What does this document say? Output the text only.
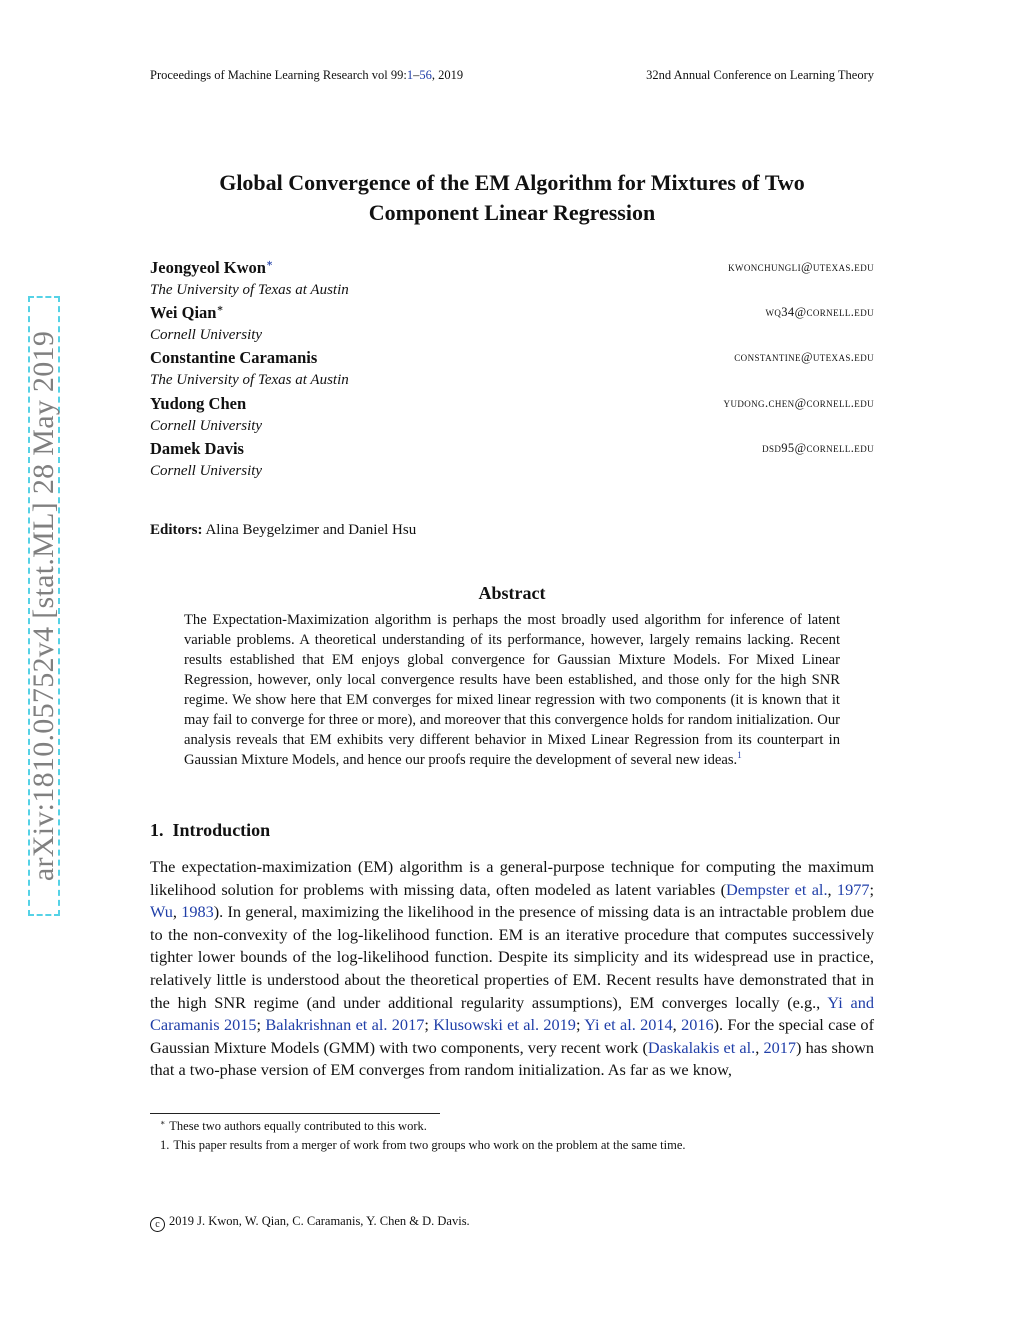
Proceedings of Machine Learning Research vol 99:1–56, 2019	32nd Annual Conference on Learning Theory
arXiv:1810.05752v4 [stat.ML] 28 May 2019
Global Convergence of the EM Algorithm for Mixtures of Two
Component Linear Regression
Jeongyeol Kwon∗	kwonchungli@utexas.edu
The University of Texas at Austin
Wei Qian∗	wq34@cornell.edu
Cornell University
Constantine Caramanis	constantine@utexas.edu
The University of Texas at Austin
Yudong Chen	yudong.chen@cornell.edu
Cornell University
Damek Davis	dsd95@cornell.edu
Cornell University
Editors: Alina Beygelzimer and Daniel Hsu
Abstract
The Expectation-Maximization algorithm is perhaps the most broadly used algorithm for inference of latent variable problems. A theoretical understanding of its performance, however, largely remains lacking. Recent results established that EM enjoys global convergence for Gaussian Mixture Models. For Mixed Linear Regression, however, only local convergence results have been established, and those only for the high SNR regime. We show here that EM converges for mixed linear regression with two components (it is known that it may fail to converge for three or more), and moreover that this convergence holds for random initialization. Our analysis reveals that EM exhibits very different behavior in Mixed Linear Regression from its counterpart in Gaussian Mixture Models, and hence our proofs require the development of several new ideas.$^1$
1. Introduction
The expectation-maximization (EM) algorithm is a general-purpose technique for computing the maximum likelihood solution for problems with missing data, often modeled as latent variables (Dempster et al., 1977; Wu, 1983). In general, maximizing the likelihood in the presence of missing data is an intractable problem due to the non-convexity of the log-likelihood function. EM is an iterative procedure that computes successively tighter lower bounds of the log-likelihood function. Despite its simplicity and its widespread use in practice, relatively little is understood about the theoretical properties of EM. Recent results have demonstrated that in the high SNR regime (and under additional regularity assumptions), EM converges locally (e.g., Yi and Caramanis 2015; Balakrishnan et al. 2017; Klusowski et al. 2019; Yi et al. 2014, 2016). For the special case of Gaussian Mixture Models (GMM) with two components, very recent work (Daskalakis et al., 2017) has shown that a two-phase version of EM converges from random initialization. As far as we know,
∗ These two authors equally contributed to this work.
1. This paper results from a merger of work from two groups who work on the problem at the same time.
c 2019 J. Kwon, W. Qian, C. Caramanis, Y. Chen & D. Davis.
